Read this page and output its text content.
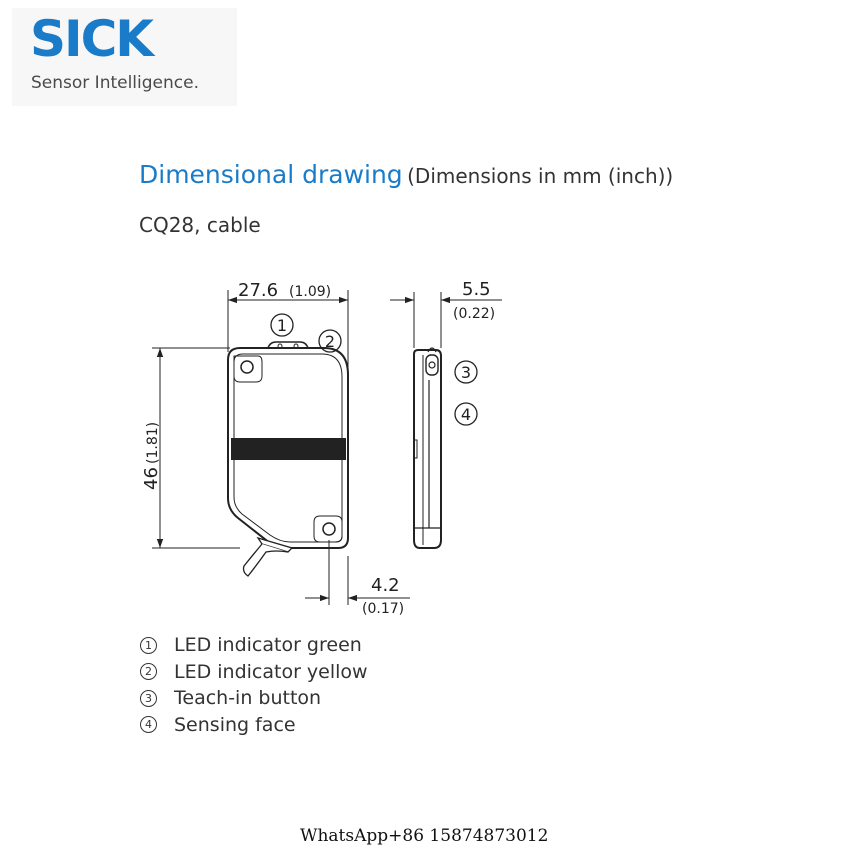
SICK
Sensor Intelligence.
Dimensional drawing (Dimensions in mm (inch))
CQ28, cable
27.6 (1.09)
46
(1.81)
4.2
(0.17)
5.5
(0.22)
1
2
3
4
1 LED indicator green
2 LED indicator yellow
3 Teach-in button
4 Sensing face
WhatsApp+86 15874873012
